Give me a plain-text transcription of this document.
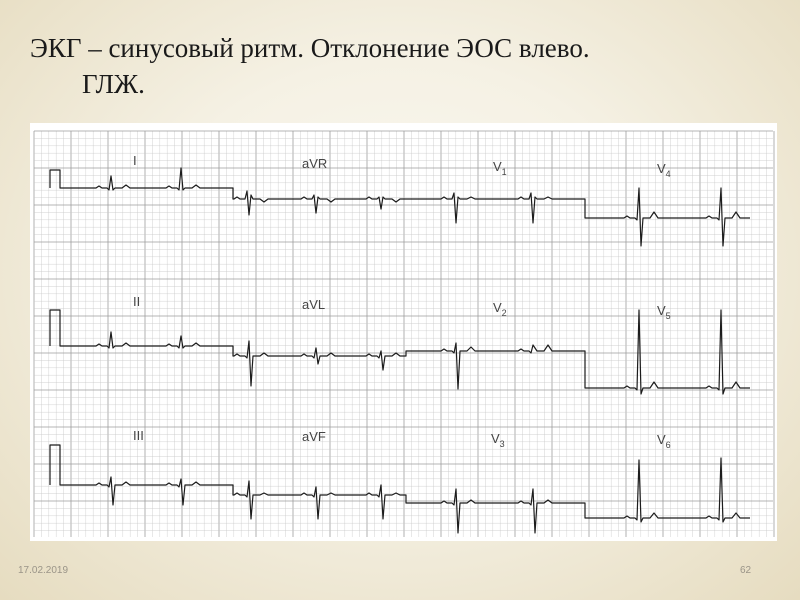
ЭКГ – синусовый ритм. Отклонение ЭОС влево.
ГЛЖ.
I	aVR	$V_1$	$V_4$
II	aVL	$V_2$	$V_5$
III	aVF	$V_3$	$V_6$
17.02.2019	62
